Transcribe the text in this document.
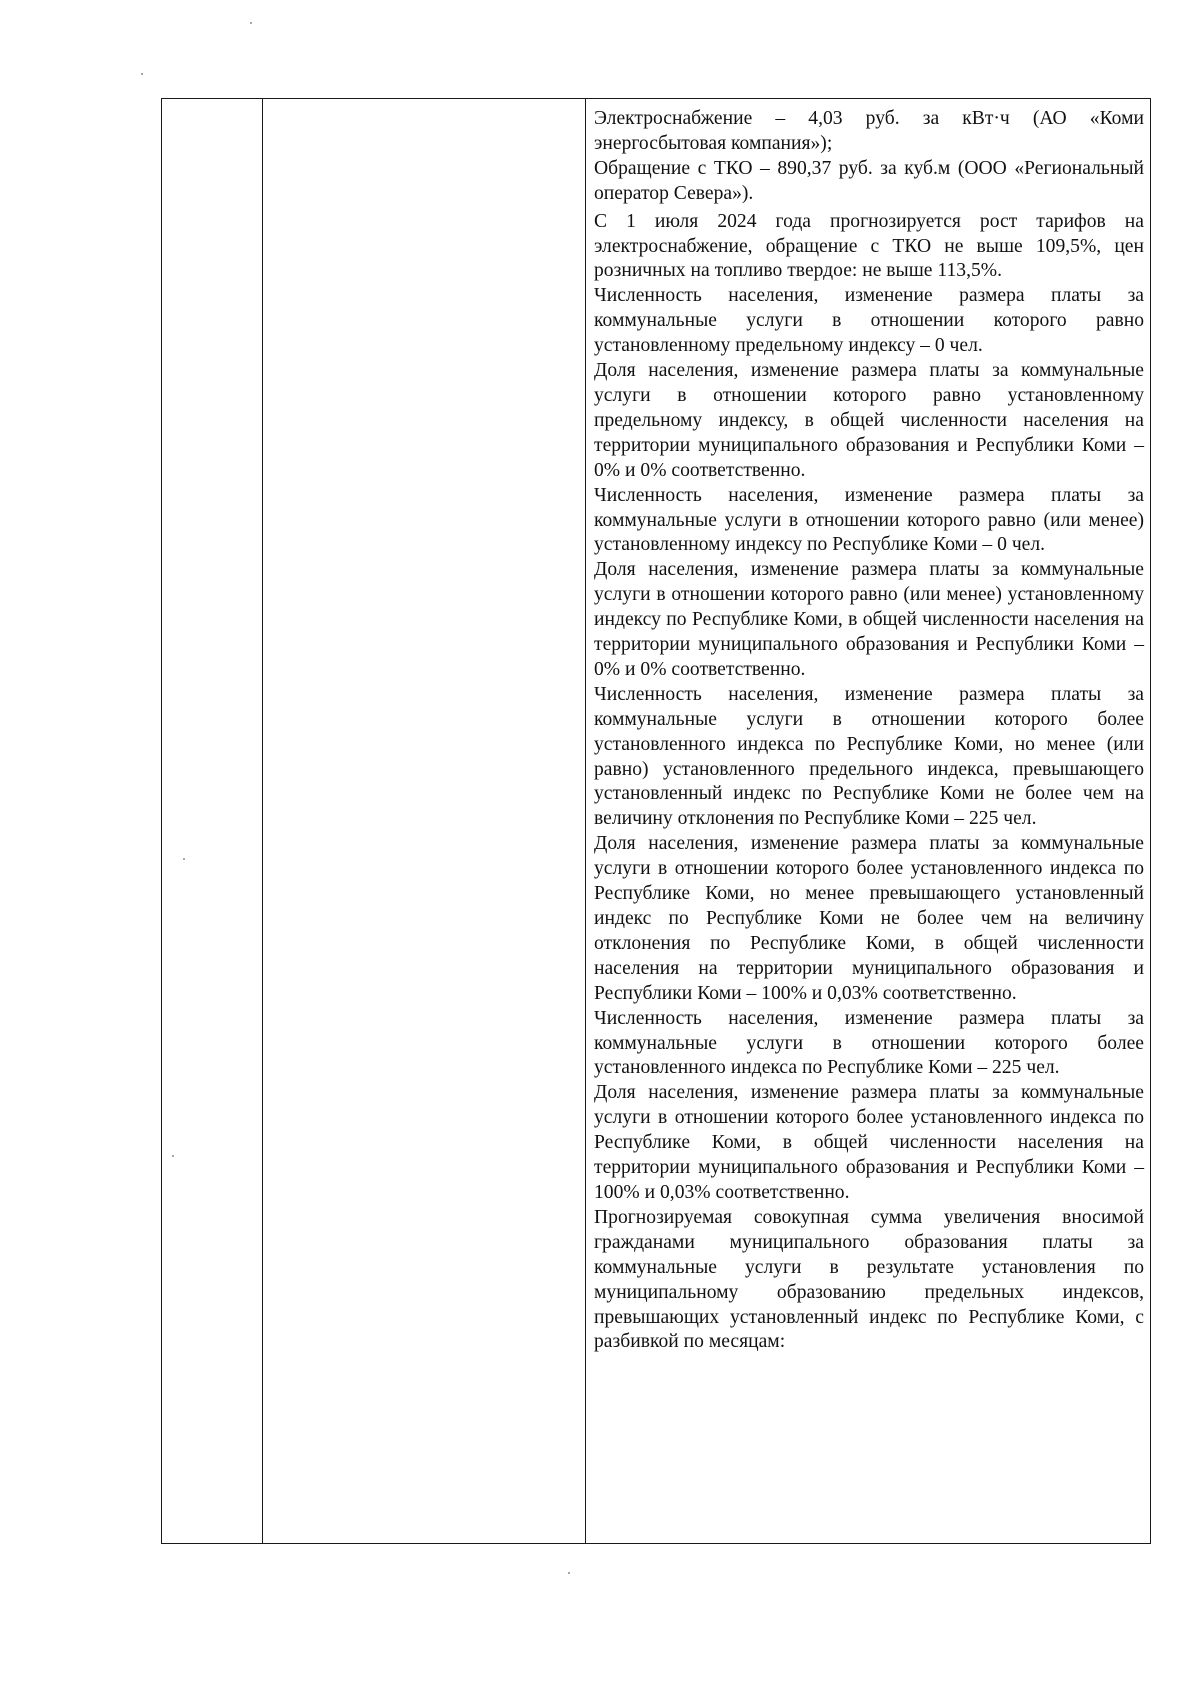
Электроснабжение – 4,03 руб. за кВт·ч (АО «Коми энергосбытовая компания»);

Обращение с ТКО – 890,37 руб. за куб.м (ООО «Региональный оператор Севера»).

С 1 июля 2024 года прогнозируется рост тарифов на электроснабжение, обращение с ТКО не выше 109,5%, цен розничных на топливо твердое: не выше 113,5%.

Численность населения, изменение размера платы за коммунальные услуги в отношении которого равно установленному предельному индексу – 0 чел.

Доля населения, изменение размера платы за коммунальные услуги в отношении которого равно установленному предельному индексу, в общей численности населения на территории муниципального образования и Республики Коми – 0% и 0% соответственно.

Численность населения, изменение размера платы за коммунальные услуги в отношении которого равно (или менее) установленному индексу по Республике Коми – 0 чел.

Доля населения, изменение размера платы за коммунальные услуги в отношении которого равно (или менее) установленному индексу по Республике Коми, в общей численности населения на территории муниципального образования и Республики Коми – 0% и 0% соответственно.

Численность населения, изменение размера платы за коммунальные услуги в отношении которого более установленного индекса по Республике Коми, но менее (или равно) установленного предельного индекса, превышающего установленный индекс по Республике Коми не более чем на величину отклонения по Республике Коми – 225 чел.

Доля населения, изменение размера платы за коммунальные услуги в отношении которого более установленного индекса по Республике Коми, но менее превышающего установленный индекс по Республике Коми не более чем на величину отклонения по Республике Коми, в общей численности населения на территории муниципального образования и Республики Коми – 100% и 0,03% соответственно.

Численность населения, изменение размера платы за коммунальные услуги в отношении которого более установленного индекса по Республике Коми – 225 чел.

Доля населения, изменение размера платы за коммунальные услуги в отношении которого более установленного индекса по Республике Коми, в общей численности населения на территории муниципального образования и Республики Коми – 100% и 0,03% соответственно.

Прогнозируемая совокупная сумма увеличения вносимой гражданами муниципального образования платы за коммунальные услуги в результате установления по муниципальному образованию предельных индексов, превышающих установленный индекс по Республике Коми, с разбивкой по месяцам:
